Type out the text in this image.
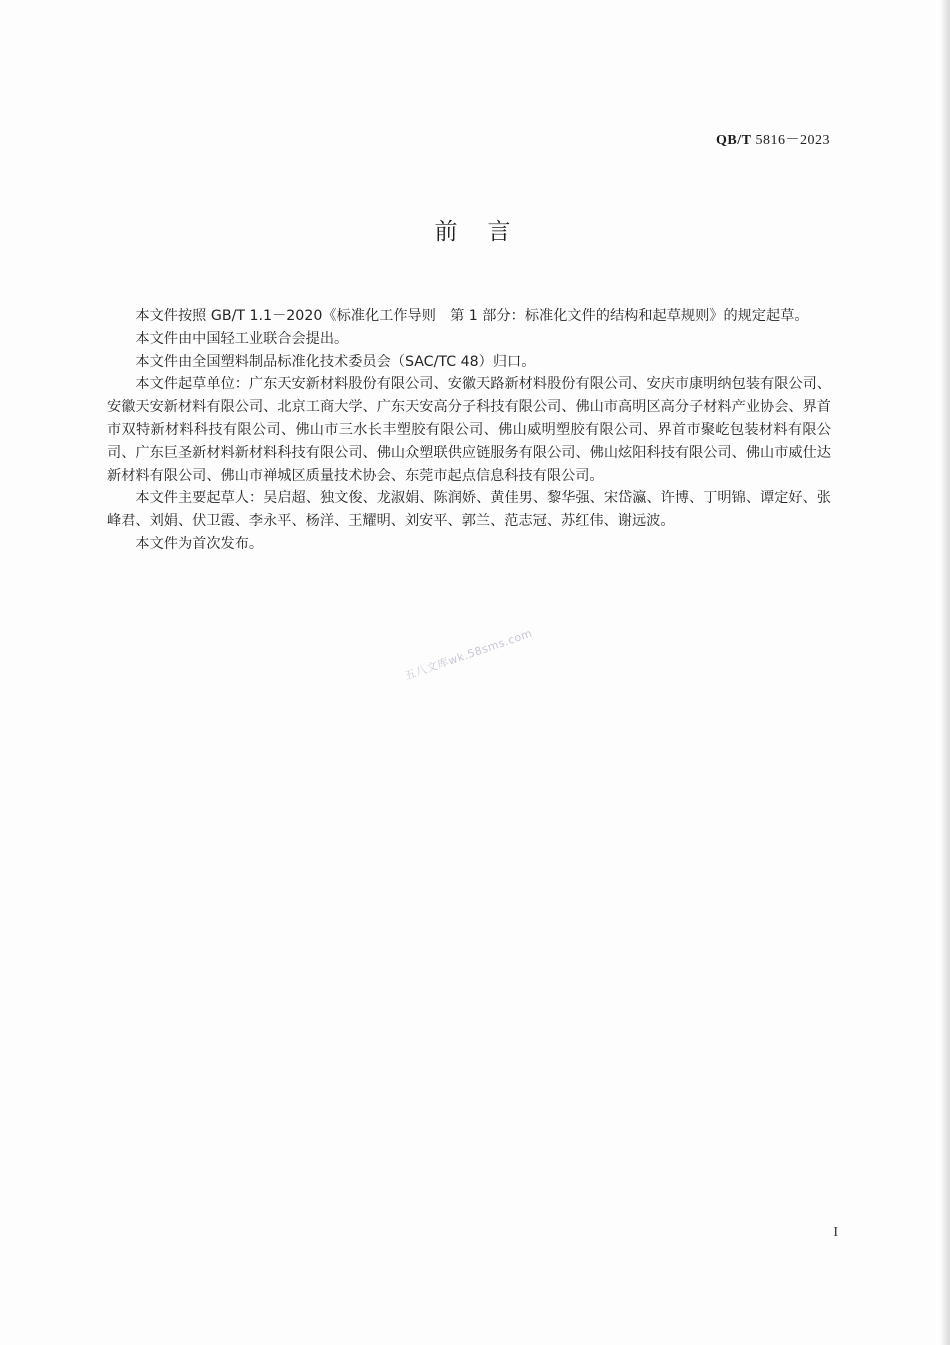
QB/T 5816－2023
前言

本文件按照 GB/T 1.1－2020《标准化工作导则　第 1 部分：标准化文件的结构和起草规则》的规定起草。

本文件由中国轻工业联合会提出。

本文件由全国塑料制品标准化技术委员会（SAC/TC 48）归口。

本文件起草单位：广东天安新材料股份有限公司、安徽天路新材料股份有限公司、安庆市康明纳包装有限公司、安徽天安新材料有限公司、北京工商大学、广东天安高分子科技有限公司、佛山市高明区高分子材料产业协会、界首市双特新材料科技有限公司、佛山市三水长丰塑胶有限公司、佛山威明塑胶有限公司、界首市聚屹包装材料有限公司、广东巨圣新材料新材料科技有限公司、佛山众塑联供应链服务有限公司、佛山炫阳科技有限公司、佛山市威仕达新材料有限公司、佛山市禅城区质量技术协会、东莞市起点信息科技有限公司。

本文件主要起草人：吴启超、独文俊、龙淑娟、陈润娇、黄佳男、黎华强、宋岱瀛、许博、丁明锦、谭定好、张峰君、刘娟、伏卫霞、李永平、杨洋、王耀明、刘安平、郭兰、范志冠、苏红伟、谢远波。

本文件为首次发布。

五八文库wk.58sms.com
I
